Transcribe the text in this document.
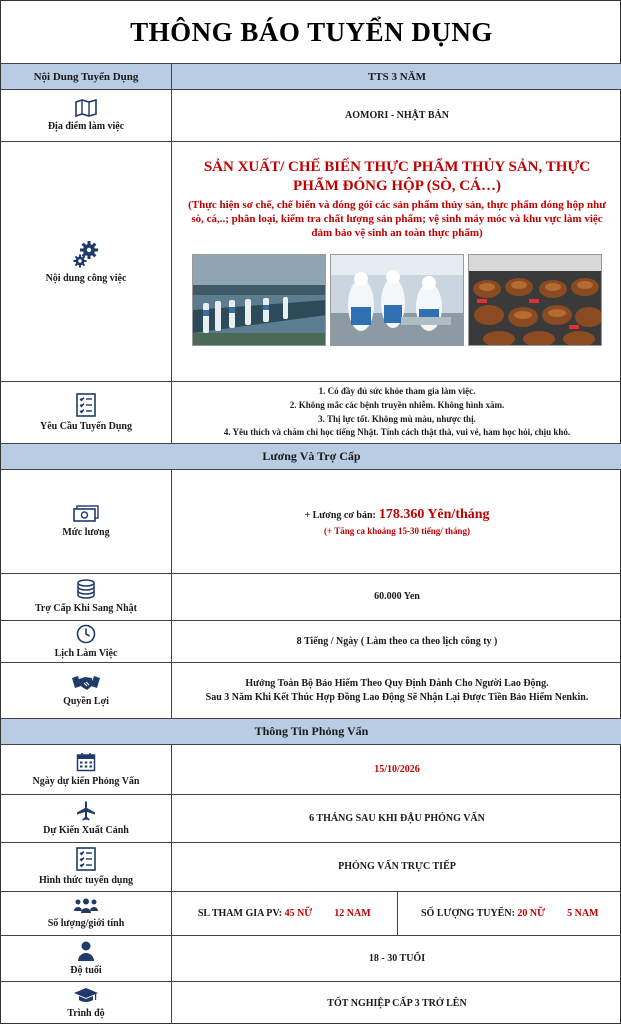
THÔNG BÁO TUYỂN DỤNG
Nội Dung Tuyển Dụng	TTS 3 NĂM
Địa điểm làm việc
AOMORI - NHẬT BẢN
Nội dung công việc
SẢN XUẤT/ CHẾ BIẾN THỰC PHẨM THỦY SẢN, THỰC PHẨM ĐÓNG HỘP (SÒ, CÁ…)
(Thực hiện sơ chế, chế biến và đóng gói các sản phẩm thủy sản, thực phẩm đóng hộp như sò, cá,..; phân loại, kiểm tra chất lượng sản phẩm; vệ sinh máy móc và khu vực làm việc đảm bảo vệ sinh an toàn thực phẩm)
Yêu Cầu Tuyển Dụng
1. Có đầy đủ sức khỏe tham gia làm việc.
2. Không mắc các bệnh truyền nhiễm. Không hình xăm.
3. Thị lực tốt. Không mù màu, nhược thị.
4. Yêu thích và chăm chỉ học tiếng Nhật. Tính cách thật thà, vui vẻ, ham học hỏi, chịu khó.
Lương Và Trợ Cấp
Mức lương
+ Lương cơ bản: 178.360 Yên/tháng
(+ Tăng ca khoảng 15-30 tiếng/ tháng)
Trợ Cấp Khi Sang Nhật
60.000 Yen
Lịch Làm Việc
8 Tiếng / Ngày ( Làm theo ca theo lịch công ty )
Quyền Lợi
Hưởng Toàn Bộ Bảo Hiểm Theo Quy Định Dành Cho Người Lao Động.
Sau 3 Năm Khi Kết Thúc Hợp Đồng Lao Động Sẽ Nhận Lại Được Tiền Bảo Hiểm Nenkin.
Thông Tin Phỏng Vấn
Ngày dự kiến Phỏng Vấn
15/10/2026
Dự Kiến Xuất Cảnh
6 THÁNG SAU KHI ĐẬU PHỎNG VẤN
Hình thức tuyển dụng
PHỎNG VẤN TRỰC TIẾP
Số lượng/giới tính
SL THAM GIA PV:
45 NỮ 12 NAM	SỐ LƯỢNG TUYỂN:
20 NỮ 5 NAM
Độ tuổi
18 - 30 TUỔI
Trình độ
TỐT NGHIỆP CẤP 3 TRỞ LÊN
